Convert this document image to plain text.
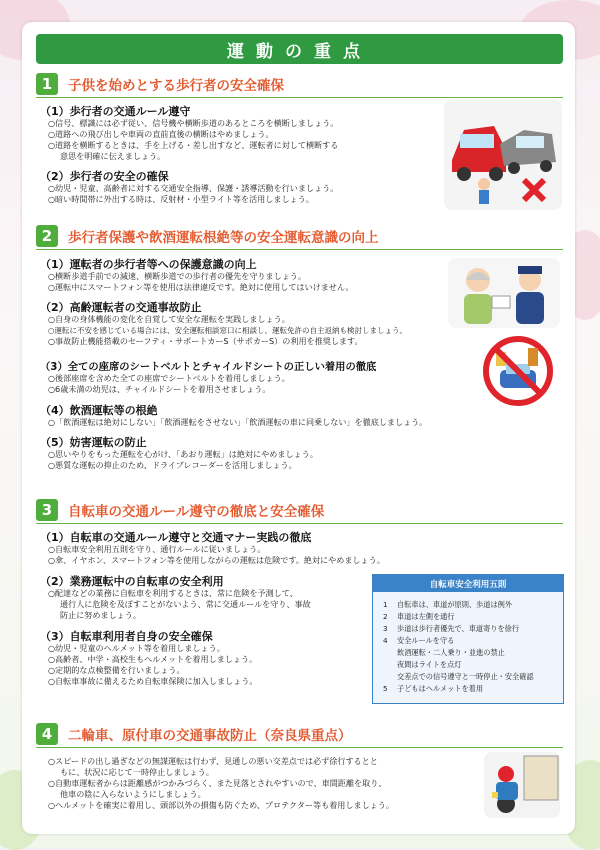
運動の重点
1	子供を始めとする歩行者の安全確保
（1）歩行者の交通ルール遵守
○信号、標識には必ず従い、信号機や横断歩道のあるところを横断しましょう。
○道路への飛び出しや車両の直前直後の横断はやめましょう。
○道路を横断するときは、手を上げる・差し出すなど、運転者に対して横断する
意思を明確に伝えましょう。
（2）歩行者の安全の確保
○幼児・児童、高齢者に対する交通安全指導、保護・誘導活動を行いましょう。
○暗い時間帯に外出する時は、反射材・小型ライト等を活用しましょう。
2	歩行者保護や飲酒運転根絶等の安全運転意識の向上
（1）運転者の歩行者等への保護意識の向上
○横断歩道手前での減速、横断歩道での歩行者の優先を守りましょう。
○運転中にスマートフォン等を使用は法律違反です。絶対に使用してはいけません。
（2）高齢運転者の交通事故防止
○自身の身体機能の変化を自覚して安全な運転を実践しましょう。
○運転に不安を感じている場合には、安全運転相談窓口に相談し、運転免許の自主返納も検討しましょう。
○事故防止機能搭載のセーフティ・サポートカーS（サポカーS）の利用を推奨します。
（3）全ての座席のシートベルトとチャイルドシートの正しい着用の徹底
○後部座席を含めた全ての座席でシートベルトを着用しましょう。
○6歳未満の幼児は、チャイルドシートを着用させましょう。
（4）飲酒運転等の根絶
○「飲酒運転は絶対にしない」「飲酒運転をさせない」「飲酒運転の車に同乗しない」を徹底しましょう。
（5）妨害運転の防止
○思いやりをもった運転を心がけ、「あおり運転」は絶対にやめましょう。
○悪質な運転の抑止のため、ドライブレコーダーを活用しましょう。
3	自転車の交通ルール遵守の徹底と安全確保
（1）自転車の交通ルール遵守と交通マナー実践の徹底
○自転車安全利用五則を守り、通行ルールに従いましょう。
○傘、イヤホン、スマートフォン等を使用しながらの運転は危険です。絶対にやめましょう。
（2）業務運転中の自転車の安全利用
○配達などの業務に自転車を利用するときは、常に危険を予測して、
通行人に危険を及ぼすことがないよう、常に交通ルールを守り、事故
防止に努めましょう。
（3）自転車利用者自身の安全確保
○幼児・児童のヘルメット等を着用しましょう。
○高齢者、中学・高校生もヘルメットを着用しましょう。
○定期的な点検整備を行いましょう。
○自転車事故に備えるため自転車保険に加入しましょう。
自転車安全利用五則
1 自転車は、車道が原則、歩道は例外
2 車道は左側を通行
3 歩道は歩行者優先で、車道寄りを徐行
4 安全ルールを守る
飲酒運転・二人乗り・並進の禁止
夜間はライトを点灯
交差点での信号遵守と一時停止・安全確認
5 子どもはヘルメットを着用
4	二輪車、原付車の交通事故防止（奈良県重点）
○スピードの出し過ぎなどの無謀運転は行わず、見通しの悪い交差点では必ず徐行するとと
もに、状況に応じて一時停止しましょう。
○自動車運転者からは距離感がつかみづらく、また見落とされやすいので、車間距離を取り、
他車の陰に入らないようにしましょう。
○ヘルメットを確実に着用し、頭部以外の損傷も防ぐため、プロテクター等も着用しましょう。
